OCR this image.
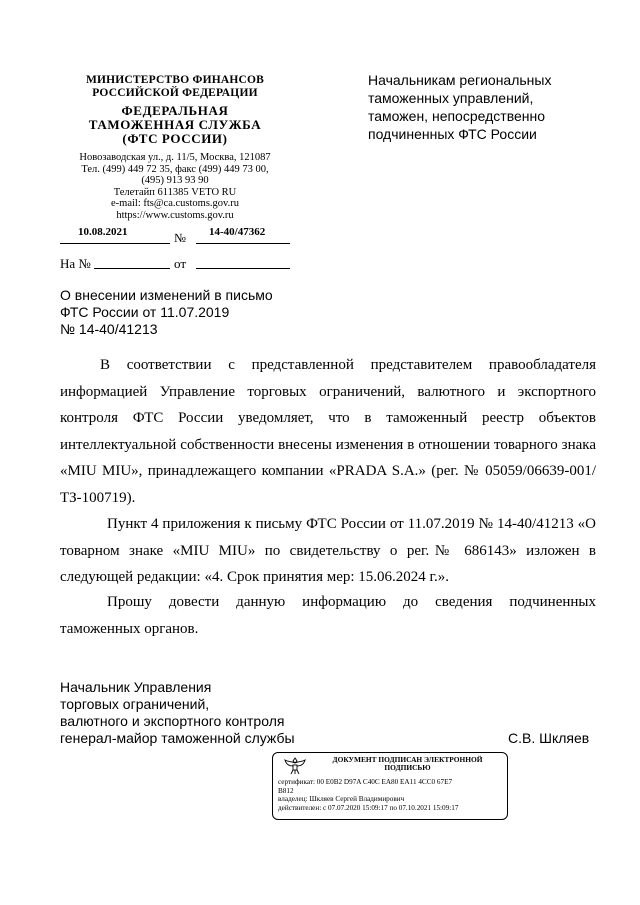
МИНИСТЕРСТВО ФИНАНСОВ
РОССИЙСКОЙ ФЕДЕРАЦИИ
ФЕДЕРАЛЬНАЯ
ТАМОЖЕННАЯ СЛУЖБА
(ФТС РОССИИ)
Новозаводская ул., д. 11/5, Москва, 121087
Тел. (499) 449 72 35, факс (499) 449 73 00,
(495) 913 93 90
Телетайп 611385 VETO RU
e-mail: fts@ca.customs.gov.ru
https://www.customs.gov.ru
10.08.2021	№ 14-40/47362
На №	от
Начальникам региональных
таможенных управлений,
таможен, непосредственно
подчиненных ФТС России
О внесении изменений в письмо
ФТС России от 11.07.2019
№ 14-40/41213

В соответствии с представленной представителем правообладателя информацией Управление торговых ограничений, валютного и экспортного контроля ФТС России уведомляет, что в таможенный реестр объектов интеллектуальной собственности внесены изменения в отношении товарного знака «MIU MIU», принадлежащего компании «PRADA S.A.» (рег. № 05059/06639-001/ТЗ-100719).

Пункт 4 приложения к письму ФТС России от 11.07.2019 № 14-40/41213 «О товарном знаке «MIU MIU» по свидетельству о рег.№ 686143» изложен в следующей редакции: «4. Срок принятия мер: 15.06.2024 г.».

Прошу довести данную информацию до сведения подчиненных таможенных органов.

Начальник Управления
торговых ограничений,
валютного и экспортного контроля
генерал-майор таможенной службы	С.В. Шкляев
ДОКУМЕНТ ПОДПИСАН ЭЛЕКТРОННОЙ
ПОДПИСЬЮ
сертификат: 00 E0B2 D97A C40C EA80 EA11 4CC0 67E7
B812
владелец: Шкляев Сергей Владимирович
действителен: с 07.07.2020 15:09:17 по 07.10.2021 15:09:17
